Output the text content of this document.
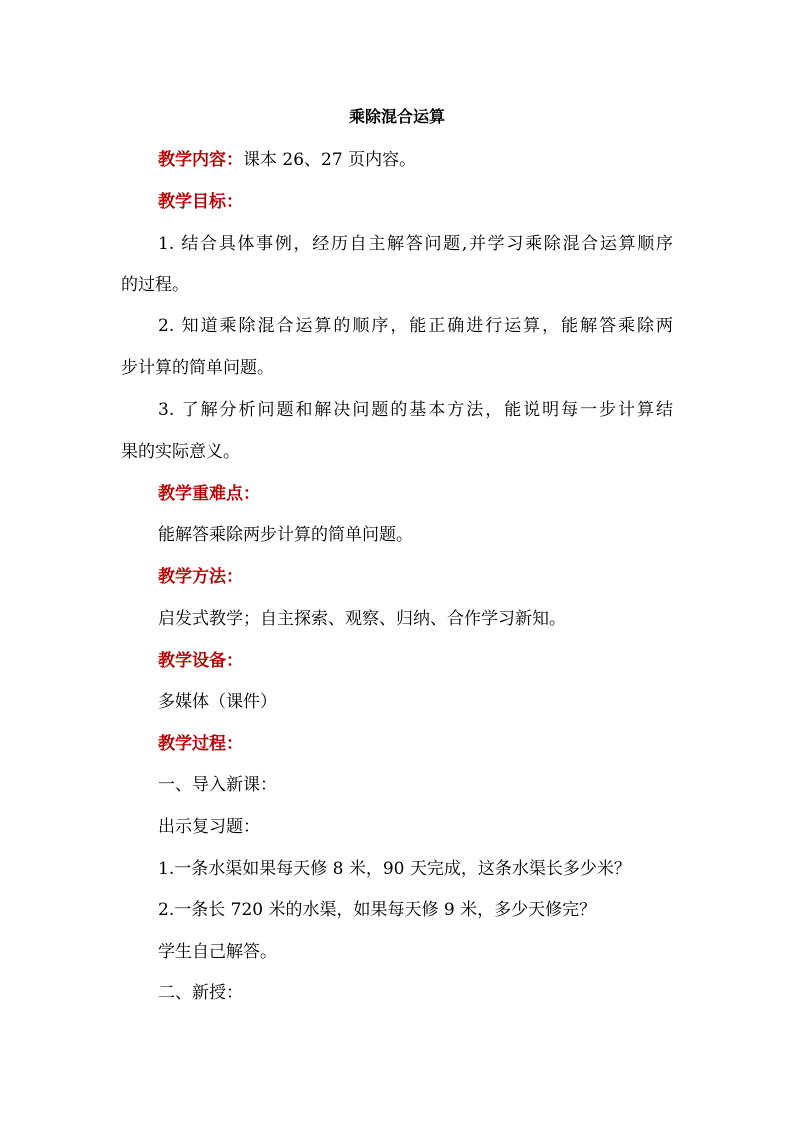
乘除混合运算
教学内容：课本 26、27 页内容。
教学目标：
1. 结合具体事例，经历自主解答问题,并学习乘除混合运算顺序
的过程。
2. 知道乘除混合运算的顺序，能正确进行运算，能解答乘除两
步计算的简单问题。
3. 了解分析问题和解决问题的基本方法，能说明每一步计算结
果的实际意义。
教学重难点：
能解答乘除两步计算的简单问题。
教学方法：
启发式教学；自主探索、观察、归纳、合作学习新知。
教学设备：
多媒体（课件）
教学过程：
一、导入新课：
出示复习题：
1.一条水渠如果每天修 8 米，90 天完成，这条水渠长多少米？
2.一条长 720 米的水渠，如果每天修 9 米，多少天修完？
学生自己解答。
二、新授：
